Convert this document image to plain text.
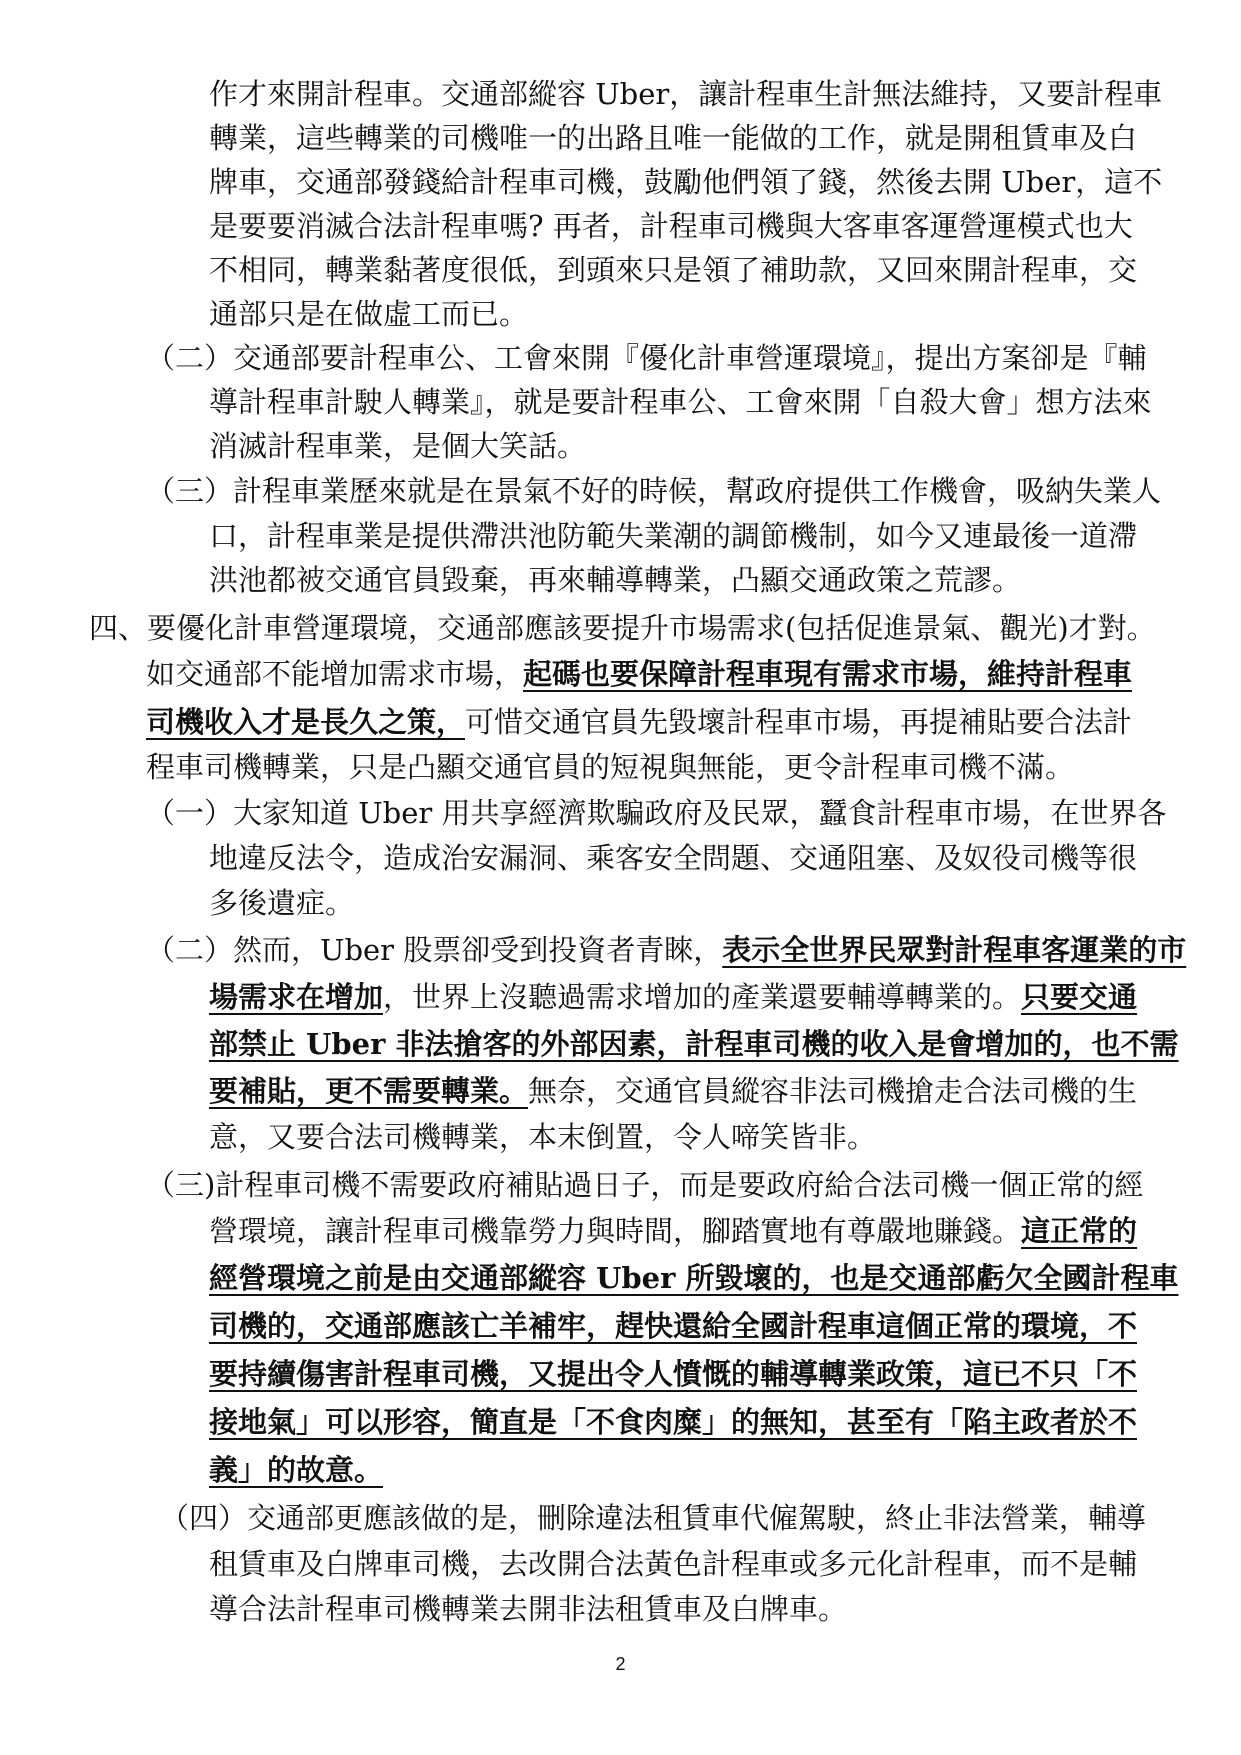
作才來開計程車。交通部縱容 Uber，讓計程車生計無法維持，又要計程車
轉業，這些轉業的司機唯一的出路且唯一能做的工作，就是開租賃車及白
牌車，交通部發錢給計程車司機，鼓勵他們領了錢，然後去開 Uber，這不
是要要消滅合法計程車嗎? 再者，計程車司機與大客車客運營運模式也大
不相同，轉業黏著度很低，到頭來只是領了補助款，又回來開計程車，交
通部只是在做虛工而已。
（二）交通部要計程車公、工會來開『優化計車營運環境』，提出方案卻是『輔
導計程車計駛人轉業』，就是要計程車公、工會來開「自殺大會」想方法來
消滅計程車業，是個大笑話。
（三）計程車業歷來就是在景氣不好的時候，幫政府提供工作機會，吸納失業人
口，計程車業是提供滯洪池防範失業潮的調節機制，如今又連最後一道滯
洪池都被交通官員毀棄，再來輔導轉業，凸顯交通政策之荒謬。
四、要優化計車營運環境，交通部應該要提升市場需求(包括促進景氣、觀光)才對。
如交通部不能增加需求市場，起碼也要保障計程車現有需求市場，維持計程車
司機收入才是長久之策，可惜交通官員先毀壞計程車市場，再提補貼要合法計
程車司機轉業，只是凸顯交通官員的短視與無能，更令計程車司機不滿。
（一）大家知道 Uber 用共享經濟欺騙政府及民眾，蠶食計程車市場，在世界各
地違反法令，造成治安漏洞、乘客安全問題、交通阻塞、及奴役司機等很
多後遺症。
（二）然而，Uber 股票卻受到投資者青睞，表示全世界民眾對計程車客運業的市
場需求在增加，世界上沒聽過需求增加的產業還要輔導轉業的。只要交通
部禁止 Uber 非法搶客的外部因素，計程車司機的收入是會增加的，也不需
要補貼，更不需要轉業。無奈，交通官員縱容非法司機搶走合法司機的生
意，又要合法司機轉業，本末倒置，令人啼笑皆非。
（三)計程車司機不需要政府補貼過日子，而是要政府給合法司機一個正常的經
營環境，讓計程車司機靠勞力與時間，腳踏實地有尊嚴地賺錢。這正常的
經營環境之前是由交通部縱容 Uber 所毀壞的，也是交通部虧欠全國計程車
司機的，交通部應該亡羊補牢，趕快還給全國計程車這個正常的環境，不
要持續傷害計程車司機，又提出令人憤慨的輔導轉業政策，這已不只「不
接地氣」可以形容，簡直是「不食肉糜」的無知，甚至有「陷主政者於不
義」的故意。
（四）交通部更應該做的是，刪除違法租賃車代僱駕駛，終止非法營業，輔導
租賃車及白牌車司機，去改開合法黃色計程車或多元化計程車，而不是輔
導合法計程車司機轉業去開非法租賃車及白牌車。
2
